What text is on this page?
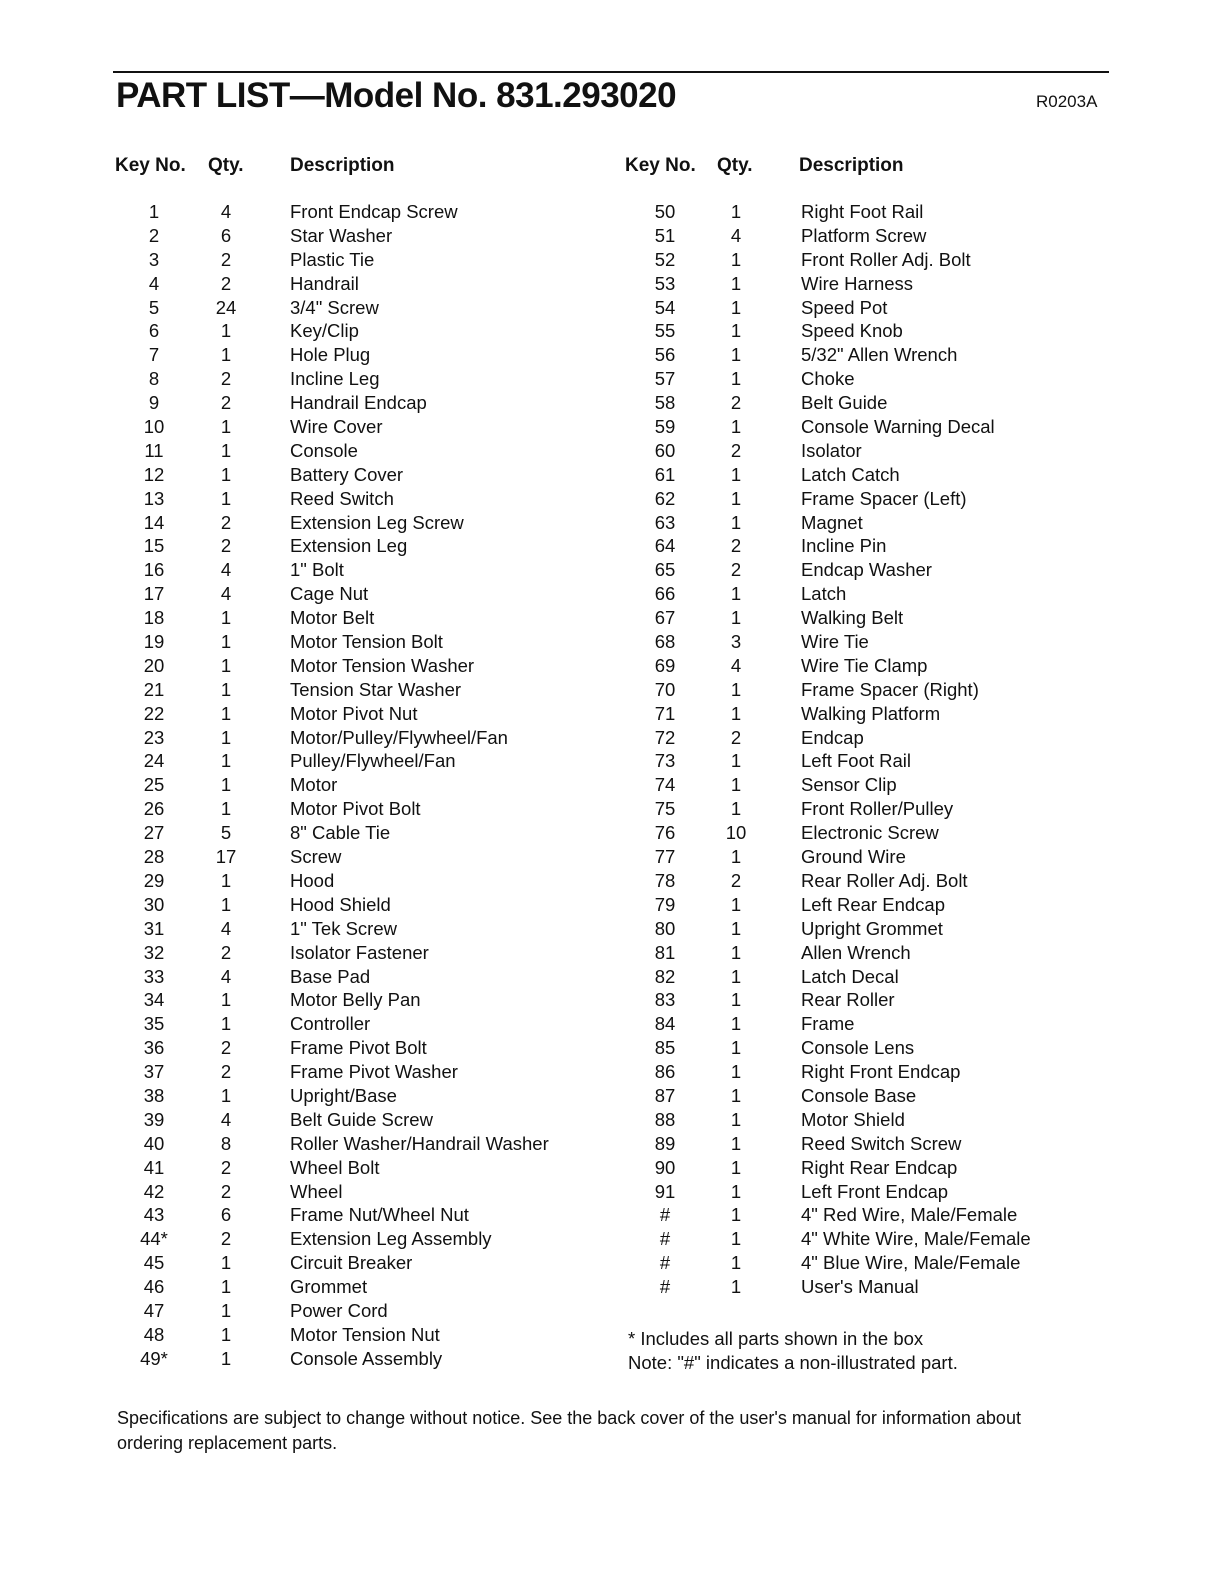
PART LIST—Model No. 831.293020	R0203A
Key No. Qty. Description
1	4	Front Endcap Screw
2	6	Star Washer
3	2	Plastic Tie
4	2	Handrail
5	24	3/4" Screw
6	1	Key/Clip
7	1	Hole Plug
8	2	Incline Leg
9	2	Handrail Endcap
10	1	Wire Cover
11	1	Console
12	1	Battery Cover
13	1	Reed Switch
14	2	Extension Leg Screw
15	2	Extension Leg
16	4	1" Bolt
17	4	Cage Nut
18	1	Motor Belt
19	1	Motor Tension Bolt
20	1	Motor Tension Washer
21	1	Tension Star Washer
22	1	Motor Pivot Nut
23	1	Motor/Pulley/Flywheel/Fan
24	1	Pulley/Flywheel/Fan
25	1	Motor
26	1	Motor Pivot Bolt
27	5	8" Cable Tie
28	17	Screw
29	1	Hood
30	1	Hood Shield
31	4	1" Tek Screw
32	2	Isolator Fastener
33	4	Base Pad
34	1	Motor Belly Pan
35	1	Controller
36	2	Frame Pivot Bolt
37	2	Frame Pivot Washer
38	1	Upright/Base
39	4	Belt Guide Screw
40	8	Roller Washer/Handrail Washer
41	2	Wheel Bolt
42	2	Wheel
43	6	Frame Nut/Wheel Nut
44*	2	Extension Leg Assembly
45	1	Circuit Breaker
46	1	Grommet
47	1	Power Cord
48	1	Motor Tension Nut
49*	1	Console Assembly
Key No. Qty. Description
50	1	Right Foot Rail
51	4	Platform Screw
52	1	Front Roller Adj. Bolt
53	1	Wire Harness
54	1	Speed Pot
55	1	Speed Knob
56	1	5/32" Allen Wrench
57	1	Choke
58	2	Belt Guide
59	1	Console Warning Decal
60	2	Isolator
61	1	Latch Catch
62	1	Frame Spacer (Left)
63	1	Magnet
64	2	Incline Pin
65	2	Endcap Washer
66	1	Latch
67	1	Walking Belt
68	3	Wire Tie
69	4	Wire Tie Clamp
70	1	Frame Spacer (Right)
71	1	Walking Platform
72	2	Endcap
73	1	Left Foot Rail
74	1	Sensor Clip
75	1	Front Roller/Pulley
76	10	Electronic Screw
77	1	Ground Wire
78	2	Rear Roller Adj. Bolt
79	1	Left Rear Endcap
80	1	Upright Grommet
81	1	Allen Wrench
82	1	Latch Decal
83	1	Rear Roller
84	1	Frame
85	1	Console Lens
86	1	Right Front Endcap
87	1	Console Base
88	1	Motor Shield
89	1	Reed Switch Screw
90	1	Right Rear Endcap
91	1	Left Front Endcap
#	1	4" Red Wire, Male/Female
#	1	4" White Wire, Male/Female
#	1	4" Blue Wire, Male/Female
#	1	User's Manual
* Includes all parts shown in the box
Note: "#" indicates a non-illustrated part.
Specifications are subject to change without notice. See the back cover of the user's manual for information about ordering replacement parts.
